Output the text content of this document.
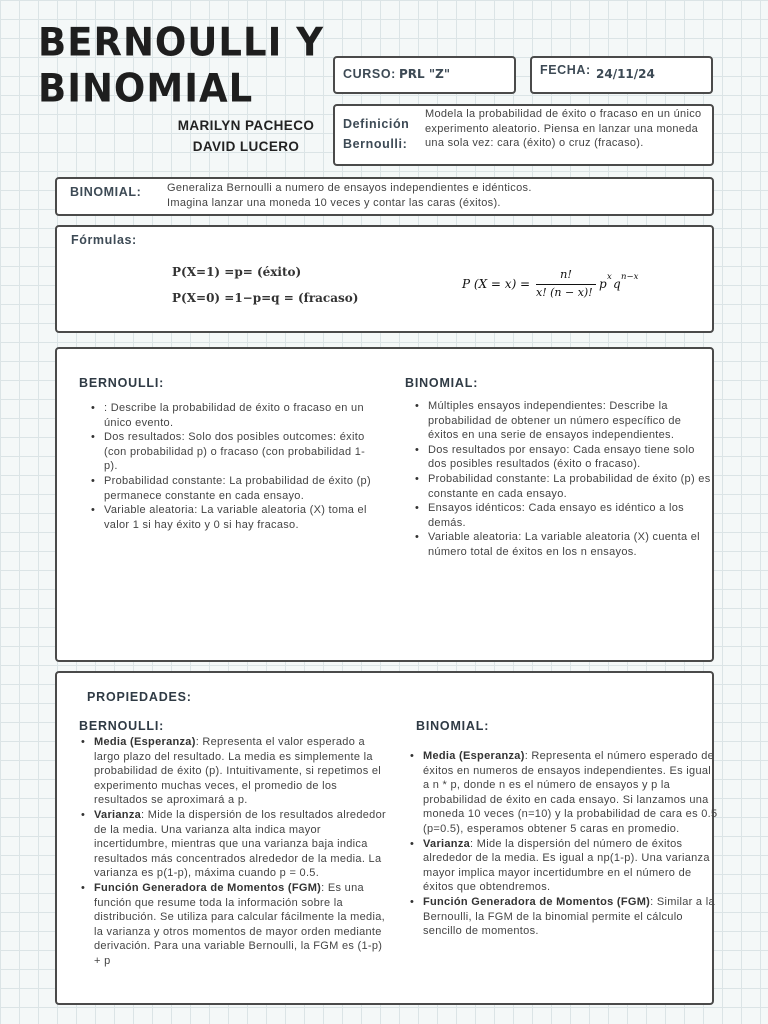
BERNOULLI Y
BINOMIAL
MARILYN PACHECO
DAVID LUCERO
CURSO: PRL "Z"	FECHA: 24/11/24
Definición
Bernoulli:
Modela la probabilidad de éxito o fracaso en un único experimento aleatorio. Piensa en lanzar una moneda una sola vez: cara (éxito) o cruz (fracaso).
BINOMIAL: Generaliza Bernoulli a numero de ensayos independientes e idénticos.
Imagina lanzar una moneda 10 veces y contar las caras (éxitos).
Fórmulas:
P(X=1) =p= (éxito)
P(X=0) =1−p=q = (fracaso)
P (X = x) =
n!
x! (n − x)!
p x q n−x
BERNOULLI:
• : Describe la probabilidad de éxito o fracaso en un único evento.
• Dos resultados: Solo dos posibles outcomes: éxito (con probabilidad p) o fracaso (con probabilidad 1-p).
• Probabilidad constante: La probabilidad de éxito (p) permanece constante en cada ensayo.
• Variable aleatoria: La variable aleatoria (X) toma el valor 1 si hay éxito y 0 si hay fracaso.
BINOMIAL:
• Múltiples ensayos independientes: Describe la probabilidad de obtener un número específico de éxitos en una serie de ensayos independientes.
• Dos resultados por ensayo: Cada ensayo tiene solo dos posibles resultados (éxito o fracaso).
• Probabilidad constante: La probabilidad de éxito (p) es constante en cada ensayo.
• Ensayos idénticos: Cada ensayo es idéntico a los demás.
• Variable aleatoria: La variable aleatoria (X) cuenta el número total de éxitos en los n ensayos.
PROPIEDADES:
BERNOULLI:
• Media (Esperanza): Representa el valor esperado a largo plazo del resultado. La media es simplemente la probabilidad de éxito (p). Intuitivamente, si repetimos el experimento muchas veces, el promedio de los resultados se aproximará a p.
• Varianza: Mide la dispersión de los resultados alrededor de la media. Una varianza alta indica mayor incertidumbre, mientras que una varianza baja indica resultados más concentrados alrededor de la media. La varianza es p(1-p), máxima cuando p = 0.5.
• Función Generadora de Momentos (FGM): Es una función que resume toda la información sobre la distribución. Se utiliza para calcular fácilmente la media, la varianza y otros momentos de mayor orden mediante derivación. Para una variable Bernoulli, la FGM es (1-p) + p
BINOMIAL:
• Media (Esperanza): Representa el número esperado de éxitos en numeros de ensayos independientes. Es igual a n * p, donde n es el número de ensayos y p la probabilidad de éxito en cada ensayo. Si lanzamos una moneda 10 veces (n=10) y la probabilidad de cara es 0.5 (p=0.5), esperamos obtener 5 caras en promedio.
• Varianza: Mide la dispersión del número de éxitos alrededor de la media. Es igual a np(1-p). Una varianza mayor implica mayor incertidumbre en el número de éxitos que obtendremos.
• Función Generadora de Momentos (FGM): Similar a la Bernoulli, la FGM de la binomial permite el cálculo sencillo de momentos.
